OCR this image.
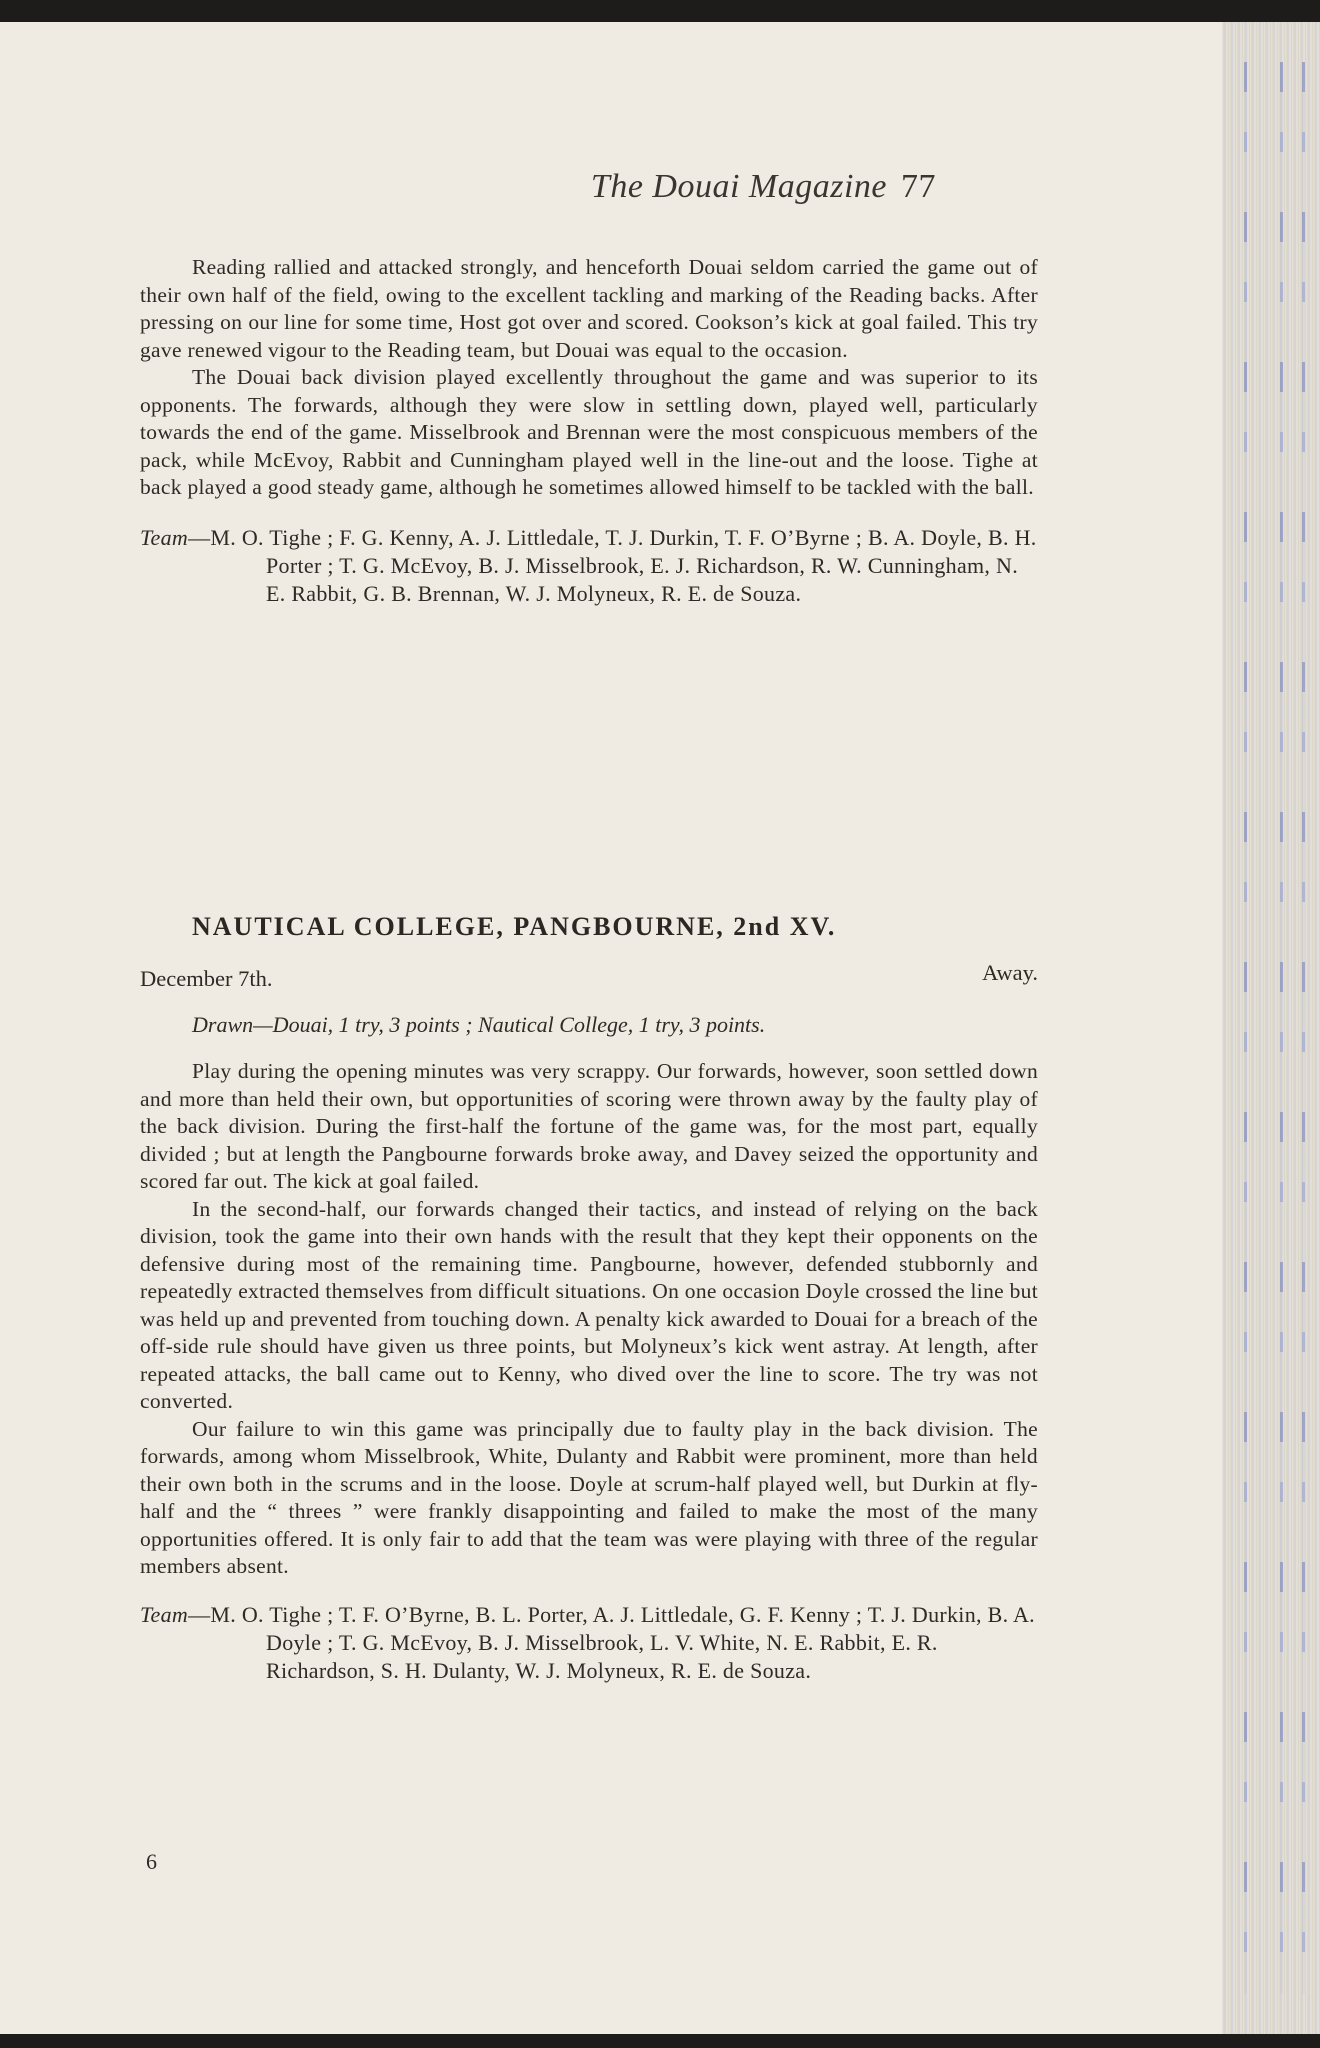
The Douai Magazine 77

Reading rallied and attacked strongly, and henceforth Douai seldom carried the game out of their own half of the field, owing to the excellent tackling and marking of the Reading backs. After pressing on our line for some time, Host got over and scored. Cookson’s kick at goal failed. This try gave renewed vigour to the Reading team, but Douai was equal to the occasion.

The Douai back division played excellently throughout the game and was superior to its opponents. The forwards, although they were slow in settling down, played well, particularly towards the end of the game. Misselbrook and Brennan were the most conspicuous members of the pack, while McEvoy, Rabbit and Cunningham played well in the line-out and the loose. Tighe at back played a good steady game, although he sometimes allowed himself to be tackled with the ball.

Team—M. O. Tighe ; F. G. Kenny, A. J. Littledale, T. J. Durkin, T. F. O’Byrne ; B. A. Doyle, B. H. Porter ; T. G. McEvoy, B. J. Misselbrook, E. J. Richardson, R. W. Cunningham, N. E. Rabbit, G. B. Brennan, W. J. Molyneux, R. E. de Souza.

NAUTICAL COLLEGE, PANGBOURNE, 2nd XV.
December 7th.	Away.
Drawn—Douai, 1 try, 3 points ; Nautical College, 1 try, 3 points.

Play during the opening minutes was very scrappy. Our forwards, however, soon settled down and more than held their own, but opportunities of scoring were thrown away by the faulty play of the back division. During the first-half the fortune of the game was, for the most part, equally divided ; but at length the Pangbourne forwards broke away, and Davey seized the opportunity and scored far out. The kick at goal failed.

In the second-half, our forwards changed their tactics, and instead of relying on the back division, took the game into their own hands with the result that they kept their opponents on the defensive during most of the remaining time. Pangbourne, however, defended stubbornly and repeatedly extracted themselves from difficult situations. On one occasion Doyle crossed the line but was held up and prevented from touching down. A penalty kick awarded to Douai for a breach of the off-side rule should have given us three points, but Molyneux’s kick went astray. At length, after repeated attacks, the ball came out to Kenny, who dived over the line to score. The try was not converted.

Our failure to win this game was principally due to faulty play in the back division. The forwards, among whom Misselbrook, White, Dulanty and Rabbit were prominent, more than held their own both in the scrums and in the loose. Doyle at scrum-half played well, but Durkin at fly-half and the “ threes ” were frankly disappointing and failed to make the most of the many opportunities offered. It is only fair to add that the team was were playing with three of the regular members absent.

Team—M. O. Tighe ; T. F. O’Byrne, B. L. Porter, A. J. Littledale, G. F. Kenny ; T. J. Durkin, B. A. Doyle ; T. G. McEvoy, B. J. Misselbrook, L. V. White, N. E. Rabbit, E. R. Richardson, S. H. Dulanty, W. J. Molyneux, R. E. de Souza.

6
